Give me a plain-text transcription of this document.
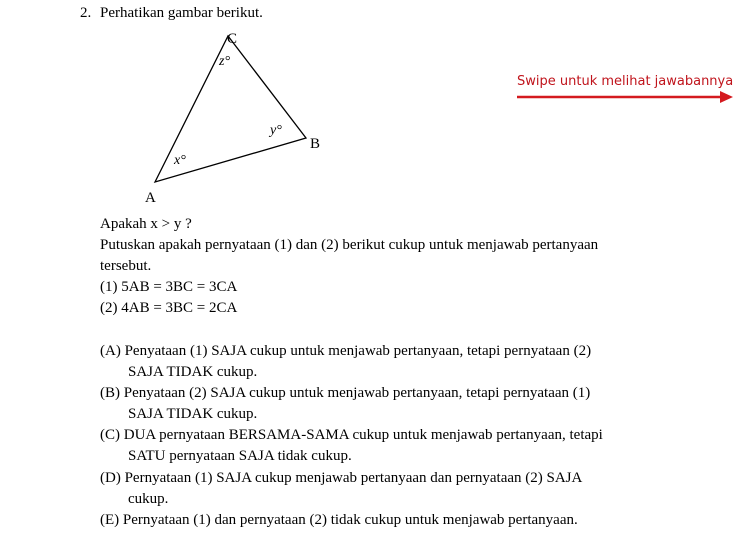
2. Perhatikan gambar berikut.
C
B
A
z°
y°
x°
Swipe untuk melihat jawabannya
Apakah x > y ?
Putuskan apakah pernyataan (1) dan (2) berikut cukup untuk menjawab pertanyaan
tersebut.
(1) 5AB = 3BC = 3CA
(2) 4AB = 3BC = 2CA
(A) Penyataan (1) SAJA cukup untuk menjawab pertanyaan, tetapi pernyataan (2)
SAJA TIDAK cukup.
(B) Penyataan (2) SAJA cukup untuk menjawab pertanyaan, tetapi pernyataan (1)
SAJA TIDAK cukup.
(C) DUA pernyataan BERSAMA-SAMA cukup untuk menjawab pertanyaan, tetapi
SATU pernyataan SAJA tidak cukup.
(D) Pernyataan (1) SAJA cukup menjawab pertanyaan dan pernyataan (2) SAJA
cukup.
(E) Pernyataan (1) dan pernyataan (2) tidak cukup untuk menjawab pertanyaan.
